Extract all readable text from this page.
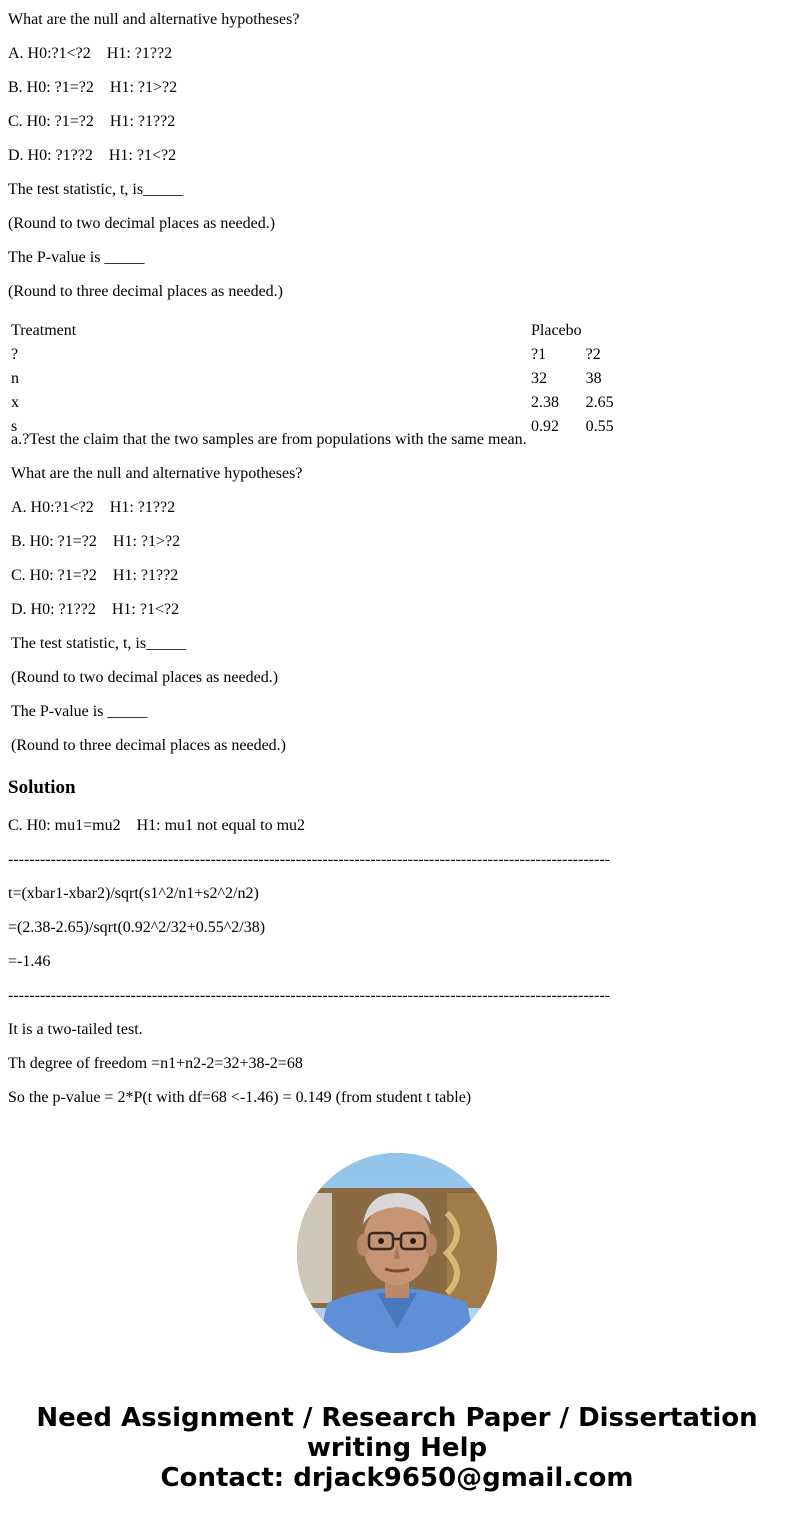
What are the null and alternative hypotheses?
A. H0:?1<?2    H1: ?1??2
B. H0: ?1=?2    H1: ?1>?2
C. H0: ?1=?2    H1: ?1??2
D. H0: ?1??2    H1: ?1<?2
The test statistic, t, is_____
(Round to two decimal places as needed.)
The P-value is _____
(Round to three decimal places as needed.)
Treatment	Placebo	
?	?1	?2
n	32	38
x	2.38	2.65
s	0.92	0.55
a.?Test the claim that the two samples are from populations with the same mean.
What are the null and alternative hypotheses?
A. H0:?1<?2    H1: ?1??2
B. H0: ?1=?2    H1: ?1>?2
C. H0: ?1=?2    H1: ?1??2
D. H0: ?1??2    H1: ?1<?2
The test statistic, t, is_____
(Round to two decimal places as needed.)
The P-value is _____
(Round to three decimal places as needed.)
Solution
C. H0: mu1=mu2    H1: mu1 not equal to mu2
-----------------------------------------------------------------------------------------------------------------
t=(xbar1-xbar2)/sqrt(s1^2/n1+s2^2/n2)
=(2.38-2.65)/sqrt(0.92^2/32+0.55^2/38)
=-1.46
-----------------------------------------------------------------------------------------------------------------
It is a two-tailed test.
Th degree of freedom =n1+n2-2=32+38-2=68
So the p-value = 2*P(t with df=68 <-1.46) = 0.149 (from student t table)
Need Assignment / Research Paper / Dissertation
writing Help
Contact: drjack9650@gmail.com
